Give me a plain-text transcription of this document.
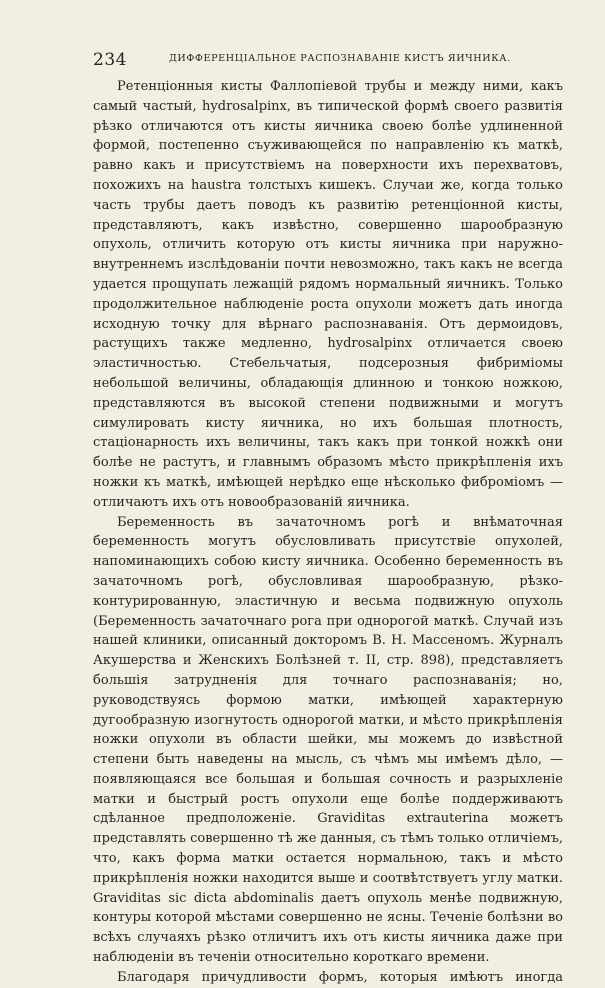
234	ДИФФЕРЕНЦІАЛЬНОЕ РАСПОЗНАВАНІЕ КИСТЪ ЯИЧНИКА.

Ретенціонныя кисты Фаллопіевой трубы и между ними, какъ самый частый, hydrosalpinx, въ типической формѣ своего развитія рѣзко отличаются отъ кисты яичника своею болѣе удлиненной формой, постепенно съуживающейся по направленію къ маткѣ, равно какъ и присутствіемъ на поверхности ихъ перехватовъ, похожихъ на haustra толстыхъ кишекъ. Случаи же, когда только часть трубы даетъ поводъ къ развитію ретенціонной кисты, представляютъ, какъ извѣстно, совершенно шарообразную опухоль, отличить которую отъ кисты яичника при наружно-внутреннемъ изслѣдованіи почти невозможно, такъ какъ не всегда удается прощупать лежащій рядомъ нормальный яичникъ. Только продолжительное наблюденіе роста опухоли можетъ дать иногда исходную точку для вѣрнаго распознаванія. Отъ дермоидовъ, растущихъ также медленно, hydrosalpinx отличается своею эластичностью. Стебельчатыя, подсерозныя фибриміомы небольшой величины, обладающія длинною и тонкою ножкою, представляются въ высокой степени подвижными и могутъ симулировать кисту яичника, но ихъ большая плотность, стаціонарность ихъ величины, такъ какъ при тонкой ножкѣ они болѣе не растутъ, и главнымъ образомъ мѣсто прикрѣпленія ихъ ножки къ маткѣ, имѣющей нерѣдко еще нѣсколько фиброміомъ — отличаютъ ихъ отъ новообразованій яичника.

Беременность въ зачаточномъ рогѣ и внѣматочная беременность могутъ обусловливать присутствіе опухолей, напоминающихъ собою кисту яичника. Особенно беременность въ зачаточномъ рогѣ, обусловливая шарообразную, рѣзко-контурированную, эластичную и весьма подвижную опухоль (Беременность зачаточнаго рога при однорогой маткѣ. Случай изъ нашей клиники, описанный докторомъ В. Н. Массеномъ. Журналъ Акушерства и Женскихъ Болѣзней т. II, стр. 898), представляетъ большія затрудненія для точнаго распознаванія; но, руководствуясь формою матки, имѣющей характерную дугообразную изогнутость однорогой матки, и мѣсто прикрѣпленія ножки опухоли въ области шейки, мы можемъ до извѣстной степени быть наведены на мысль, съ чѣмъ мы имѣемъ дѣло, — появляющаяся все большая и большая сочность и разрыхленіе матки и быстрый ростъ опухоли еще болѣе поддерживаютъ сдѣланное предположеніе. Graviditas extrauterina можетъ представлять совершенно тѣ же данныя, съ тѣмъ только отличіемъ, что, какъ форма матки остается нормальною, такъ и мѣсто прикрѣпленія ножки находится выше и соотвѣтствуетъ углу матки. Graviditas sic dicta abdominalis даетъ опухоль менѣе подвижную, контуры которой мѣстами совершенно не ясны. Теченіе болѣзни во всѣхъ случаяхъ рѣзко отличитъ ихъ отъ кисты яичника даже при наблюденіи въ теченіи относительно короткаго времени.

Благодаря причудливости формъ, которыя имѣютъ иногда
